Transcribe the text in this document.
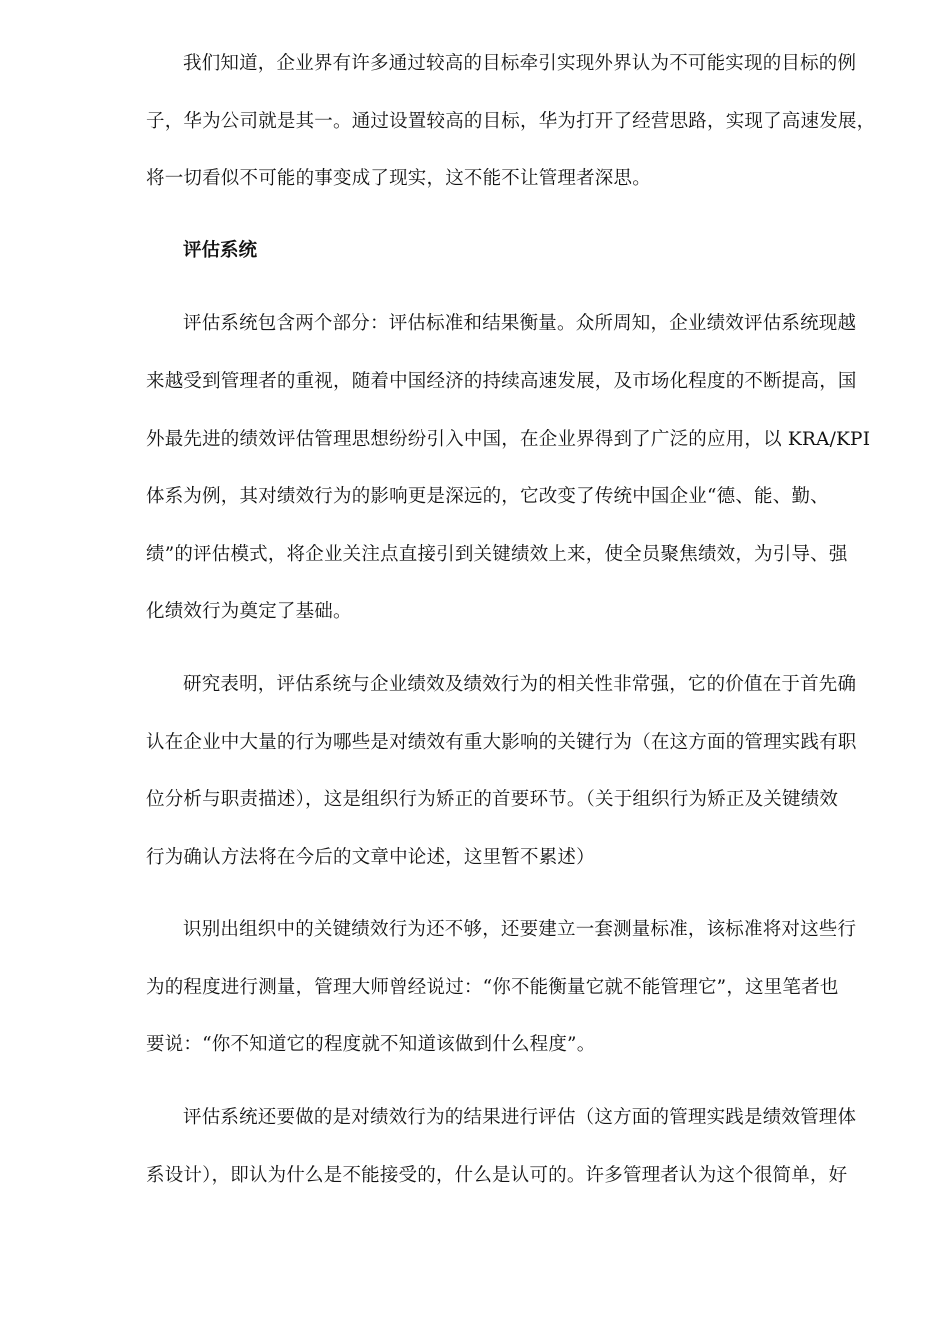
我们知道，企业界有许多通过较高的目标牵引实现外界认为不可能实现的目标的例
子，华为公司就是其一。通过设置较高的目标，华为打开了经营思路，实现了高速发展，
将一切看似不可能的事变成了现实，这不能不让管理者深思。
评估系统
评估系统包含两个部分：评估标准和结果衡量。众所周知，企业绩效评估系统现越
来越受到管理者的重视，随着中国经济的持续高速发展，及市场化程度的不断提高，国
外最先进的绩效评估管理思想纷纷引入中国，在企业界得到了广泛的应用，以 KRA/KPI
体系为例，其对绩效行为的影响更是深远的，它改变了传统中国企业“德、能、勤、
绩”的评估模式，将企业关注点直接引到关键绩效上来，使全员聚焦绩效，为引导、强
化绩效行为奠定了基础。
研究表明，评估系统与企业绩效及绩效行为的相关性非常强，它的价值在于首先确
认在企业中大量的行为哪些是对绩效有重大影响的关键行为（在这方面的管理实践有职
位分析与职责描述），这是组织行为矫正的首要环节。（关于组织行为矫正及关键绩效
行为确认方法将在今后的文章中论述，这里暂不累述）
识别出组织中的关键绩效行为还不够，还要建立一套测量标准，该标准将对这些行
为的程度进行测量，管理大师曾经说过：“你不能衡量它就不能管理它”，这里笔者也
要说：“你不知道它的程度就不知道该做到什么程度”。
评估系统还要做的是对绩效行为的结果进行评估（这方面的管理实践是绩效管理体
系设计），即认为什么是不能接受的，什么是认可的。许多管理者认为这个很简单，好
